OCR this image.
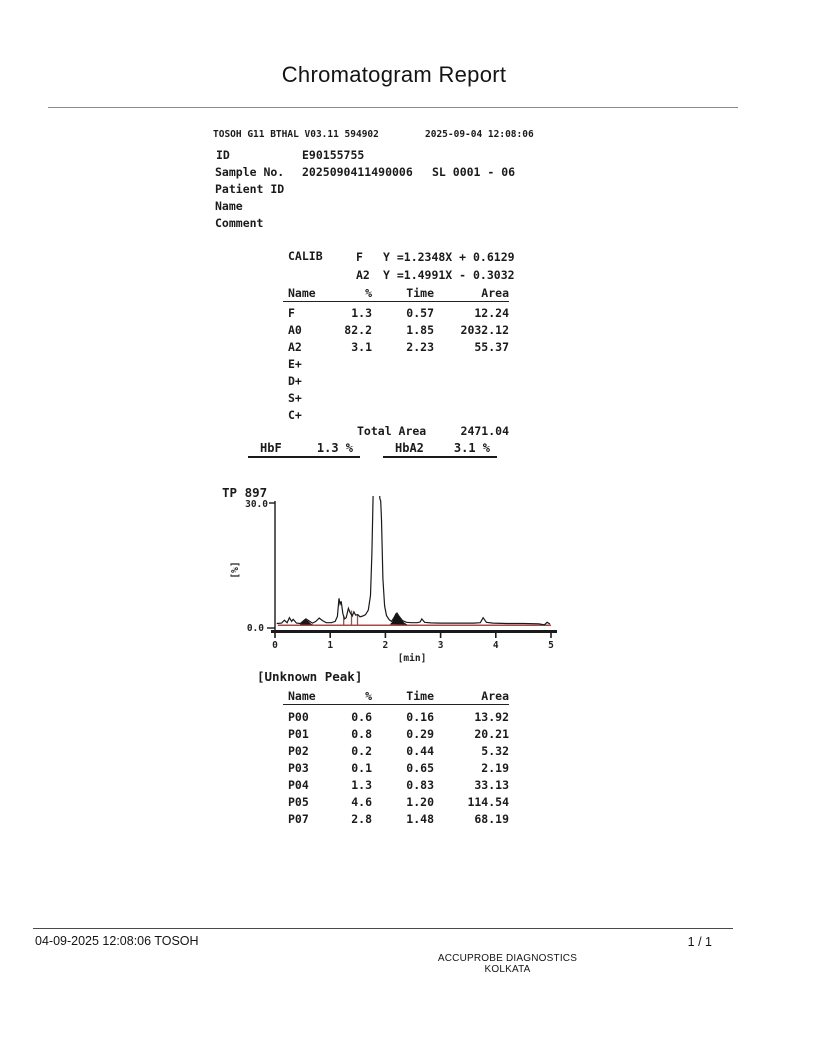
Chromatogram Report
TOSOH G11 BTHAL V03.11 594902	2025-09-04 12:08:06
ID	E90155755
Sample No. 2025090411490006 SL 0001 - 06
Patient ID
Name
Comment
CALIB	F	Y =1.2348X + 0.6129
A2	Y =1.4991X - 0.3032
Name	%	Time	Area
F	1.3	0.57	12.24
A0	82.2	1.85	2032.12
A2	3.1	2.23	55.37
E+
D+
S+
C+
Total Area	2471.04
HbF	1.3 %	HbA2	3.1 %
TP 897
30.0
0.0
[%]
0	1	2	3	4	5
[min]
[Unknown Peak]
Name	%	Time	Area
P00	0.6	0.16	13.92
P01	0.8	0.29	20.21
P02	0.2	0.44	5.32
P03	0.1	0.65	2.19
P04	1.3	0.83	33.13
P05	4.6	1.20	114.54
P07	2.8	1.48	68.19
04-09-2025 12:08:06 TOSOH	1 / 1
ACCUPROBE DIAGNOSTICS KOLKATA
